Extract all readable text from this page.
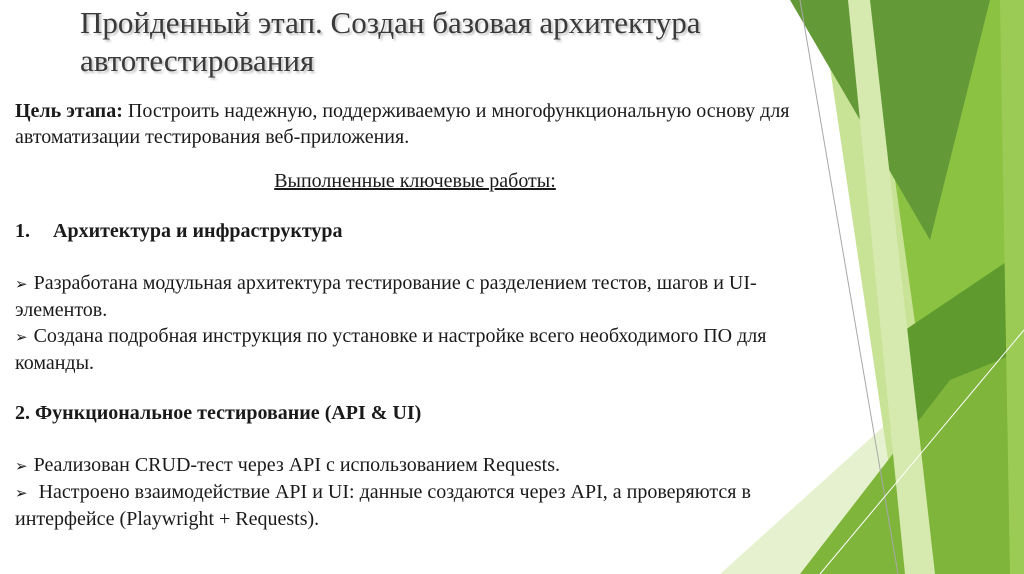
Пройденный этап. Создан базовая архитектура автотестирования
Цель этапа: Построить надежную, поддерживаемую и многофункциональную основу для автоматизации тестирования веб-приложения.
Выполненные ключевые работы:
1. Архитектура и инфраструктура

➢ Разработана модульная архитектура тестирование с разделением тестов, шагов и UI-элементов.

➢ Создана подробная инструкция по установке и настройке всего необходимого ПО для команды.

2. Функциональное тестирование (API & UI)

➢ Реализован CRUD-тест через API с использованием Requests.

➢ Настроено взаимодействие API и UI: данные создаются через API, а проверяются в интерфейсе (Playwright + Requests).
